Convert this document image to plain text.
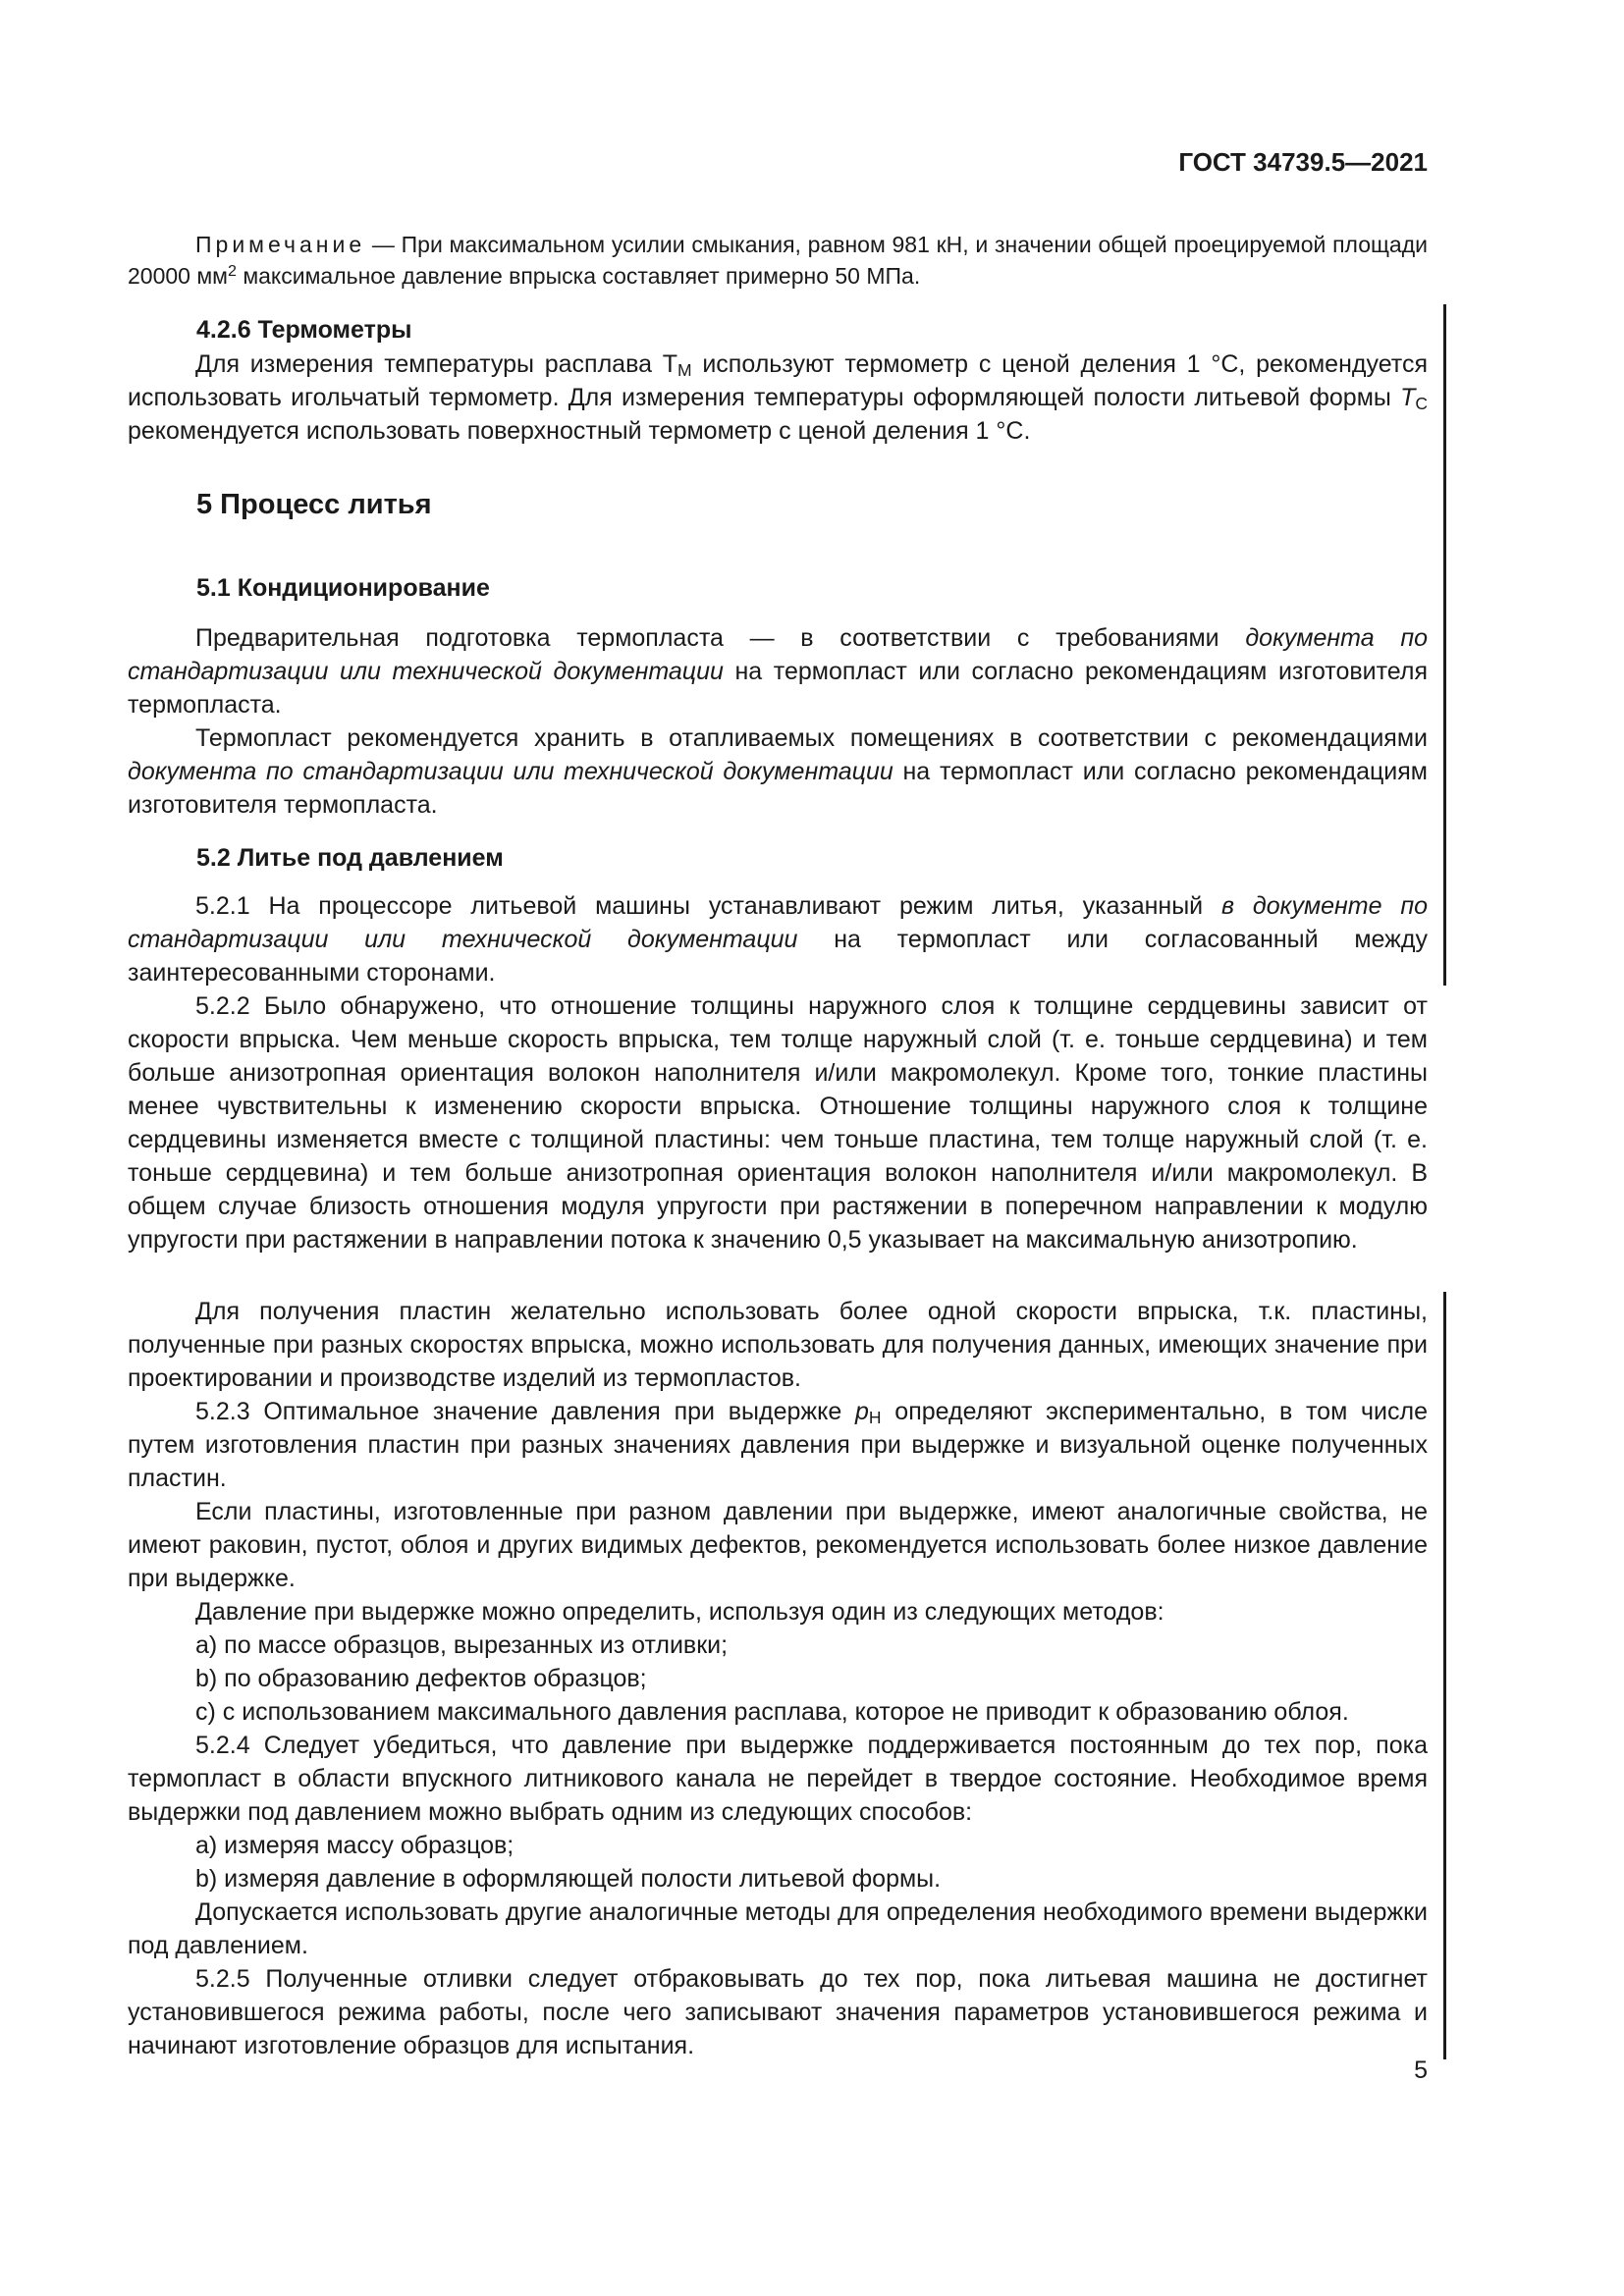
ГОСТ 34739.5—2021

Примечание — При максимальном усилии смыкания, равном 981 кН, и значении общей проецируемой площади 20000 $мм^2$ максимальное давление впрыска составляет примерно 50 МПа.

4.2.6 Термометры

Для измерения температуры расплава $T_M$ используют термометр с ценой деления 1 °С, рекомендуется использовать игольчатый термометр. Для измерения температуры оформляющей полости литьевой формы $T_C$ рекомендуется использовать поверхностный термометр с ценой деления 1 °С.

5 Процесс литья
5.1 Кондиционирование

Предварительная подготовка термопласта — в соответствии с требованиями документа по стандартизации или технической документации на термопласт или согласно рекомендациям изготовителя термопласта.

Термопласт рекомендуется хранить в отапливаемых помещениях в соответствии с рекомендациями документа по стандартизации или технической документации на термопласт или согласно рекомендациям изготовителя термопласта.

5.2 Литье под давлением

5.2.1 На процессоре литьевой машины устанавливают режим литья, указанный в документе по стандартизации или технической документации на термопласт или согласованный между заинтересованными сторонами.

5.2.2 Было обнаружено, что отношение толщины наружного слоя к толщине сердцевины зависит от скорости впрыска. Чем меньше скорость впрыска, тем толще наружный слой (т. е. тоньше сердцевина) и тем больше анизотропная ориентация волокон наполнителя и/или макромолекул. Кроме того, тонкие пластины менее чувствительны к изменению скорости впрыска. Отношение толщины наружного слоя к толщине сердцевины изменяется вместе с толщиной пластины: чем тоньше пластина, тем толще наружный слой (т. е. тоньше сердцевина) и тем больше анизотропная ориентация волокон наполнителя и/или макромолекул. В общем случае близость отношения модуля упругости при растяжении в поперечном направлении к модулю упругости при растяжении в направлении потока к значению 0,5 указывает на максимальную анизотропию.

Для получения пластин желательно использовать более одной скорости впрыска, т.к. пластины, полученные при разных скоростях впрыска, можно использовать для получения данных, имеющих значение при проектировании и производстве изделий из термопластов.

5.2.3 Оптимальное значение давления при выдержке $p_H$ определяют экспериментально, в том числе путем изготовления пластин при разных значениях давления при выдержке и визуальной оценке полученных пластин.

Если пластины, изготовленные при разном давлении при выдержке, имеют аналогичные свойства, не имеют раковин, пустот, облоя и других видимых дефектов, рекомендуется использовать более низкое давление при выдержке.

Давление при выдержке можно определить, используя один из следующих методов:

a) по массе образцов, вырезанных из отливки;

b) по образованию дефектов образцов;

c) с использованием максимального давления расплава, которое не приводит к образованию облоя.

5.2.4 Следует убедиться, что давление при выдержке поддерживается постоянным до тех пор, пока термопласт в области впускного литникового канала не перейдет в твердое состояние. Необходимое время выдержки под давлением можно выбрать одним из следующих способов:

a) измеряя массу образцов;

b) измеряя давление в оформляющей полости литьевой формы.

Допускается использовать другие аналогичные методы для определения необходимого времени выдержки под давлением.

5.2.5 Полученные отливки следует отбраковывать до тех пор, пока литьевая машина не достигнет установившегося режима работы, после чего записывают значения параметров установившегося режима и начинают изготовление образцов для испытания.

5
